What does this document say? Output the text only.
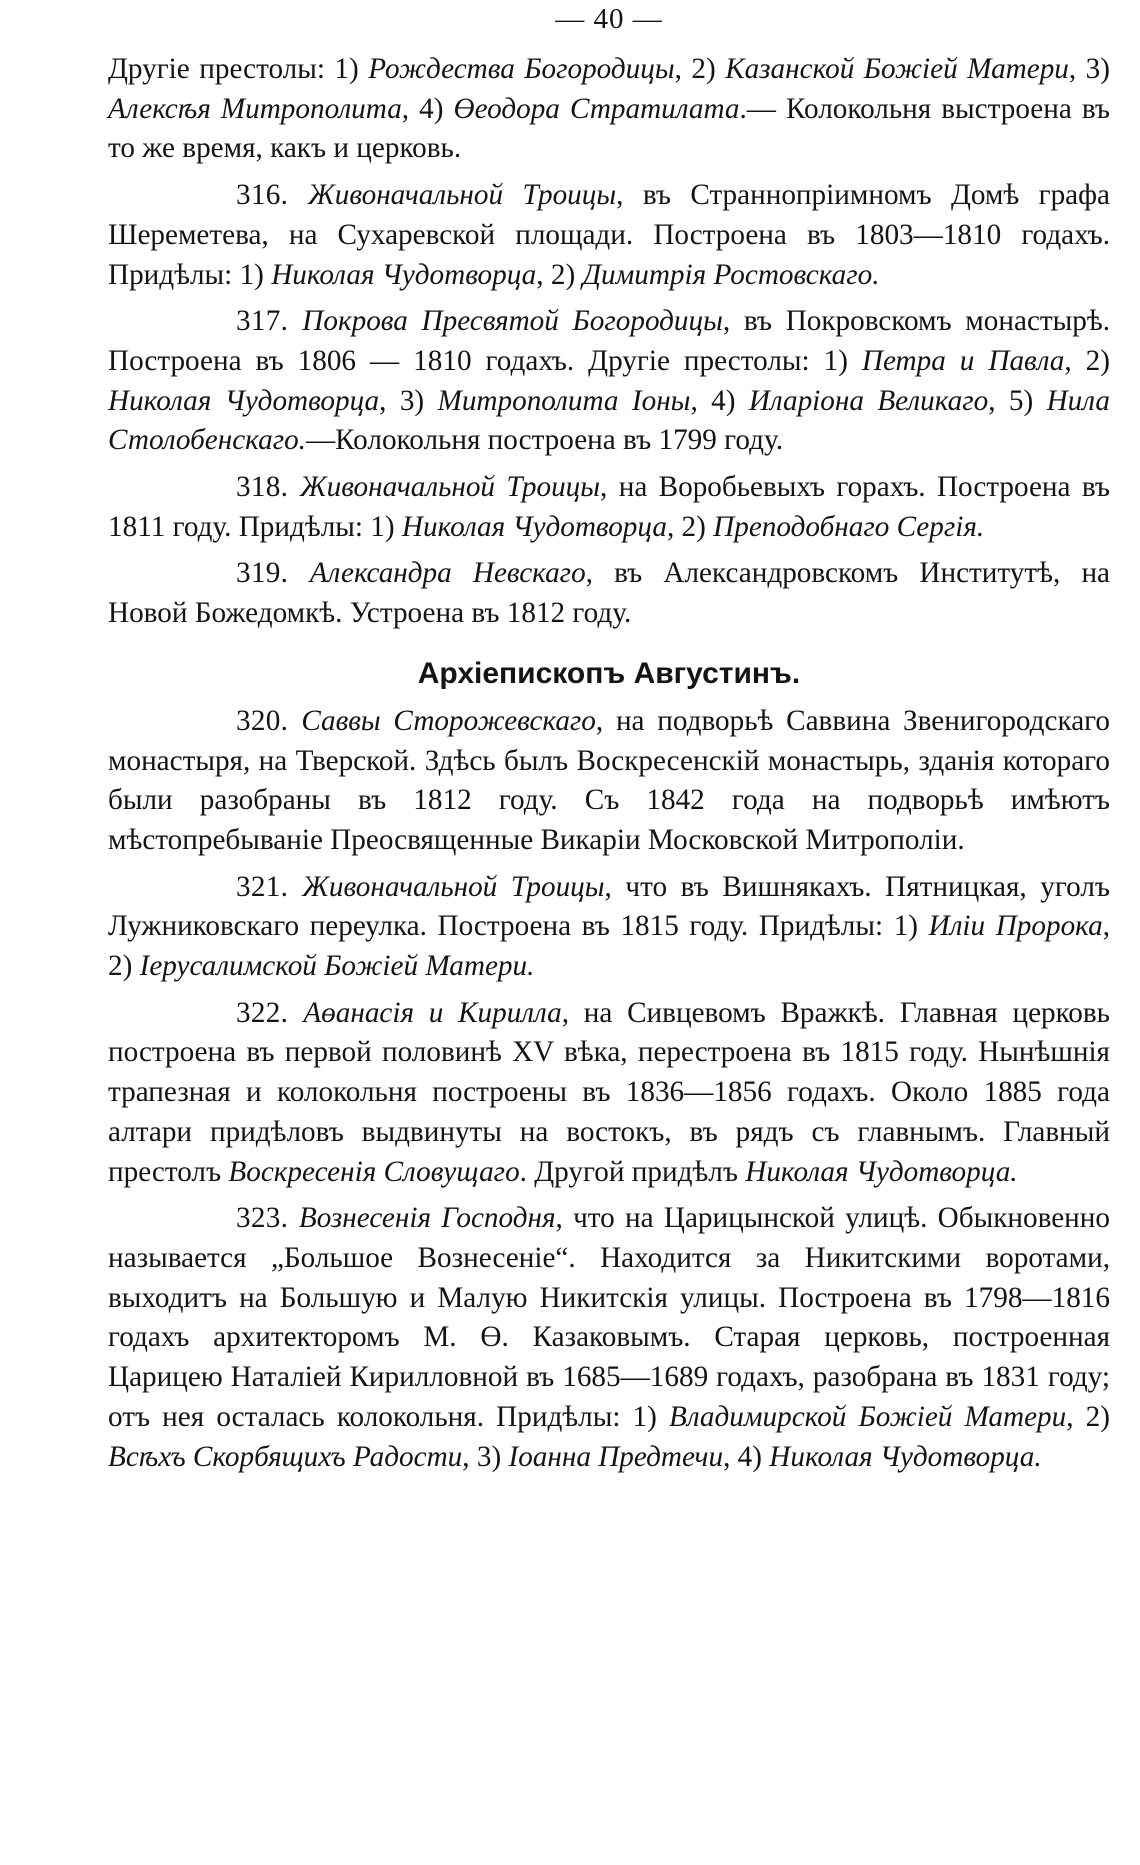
— 40 —

Другіе престолы: 1) Рождества Богородицы, 2) Казанской Божіей Матери, 3) Алексѣя Митрополита, 4) Өеодора Стратилата.— Колокольня выстроена въ то же время, какъ и церковь.

316. Живоначальной Троицы, въ Страннопріимномъ Домѣ графа Шереметева, на Сухаревской площади. Построена въ 1803—1810 годахъ. Придѣлы: 1) Николая Чудотворца, 2) Димитрія Ростовскаго.

317. Покрова Пресвятой Богородицы, въ Покровскомъ монастырѣ. Построена въ 1806 — 1810 годахъ. Другіе престолы: 1) Петра и Павла, 2) Николая Чудотворца, 3) Митрополита Іоны, 4) Иларіона Великаго, 5) Нила Столобенскаго.—Колокольня построена въ 1799 году.

318. Живоначальной Троицы, на Воробьевыхъ горахъ. Построена въ 1811 году. Придѣлы: 1) Николая Чудотворца, 2) Преподобнаго Сергія.

319. Александра Невскаго, въ Александровскомъ Институтѣ, на Новой Божедомкѣ. Устроена въ 1812 году.

Архіепископъ Августинъ.

320. Саввы Сторожевскаго, на подворьѣ Саввина Звенигородскаго монастыря, на Тверской. Здѣсь былъ Воскресенскій монастырь, зданія котораго были разобраны въ 1812 году. Съ 1842 года на подворьѣ имѣютъ мѣстопребываніе Преосвященные Викаріи Московской Митрополіи.

321. Живоначальной Троицы, что въ Вишнякахъ. Пятницкая, уголъ Лужниковскаго переулка. Построена въ 1815 году. Придѣлы: 1) Иліи Пророка, 2) Іерусалимской Божіей Матери.

322. Аөанасія и Кирилла, на Сивцевомъ Вражкѣ. Главная церковь построена въ первой половинѣ XV вѣка, перестроена въ 1815 году. Нынѣшнія трапезная и колокольня построены въ 1836—1856 годахъ. Около 1885 года алтари придѣловъ выдвинуты на востокъ, въ рядъ съ главнымъ. Главный престолъ Воскресенія Словущаго. Другой придѣлъ Николая Чудотворца.

323. Вознесенія Господня, что на Царицынской улицѣ. Обыкновенно называется „Большое Вознесеніе“. Находится за Никитскими воротами, выходитъ на Большую и Малую Никитскія улицы. Построена въ 1798—1816 годахъ архитекторомъ М. Ө. Казаковымъ. Старая церковь, построенная Царицею Наталіей Кирилловной въ 1685—1689 годахъ, разобрана въ 1831 году; отъ нея осталась колокольня. Придѣлы: 1) Владимирской Божіей Матери, 2) Всѣхъ Скорбящихъ Радости, 3) Іоанна Предтечи, 4) Николая Чудотворца.
